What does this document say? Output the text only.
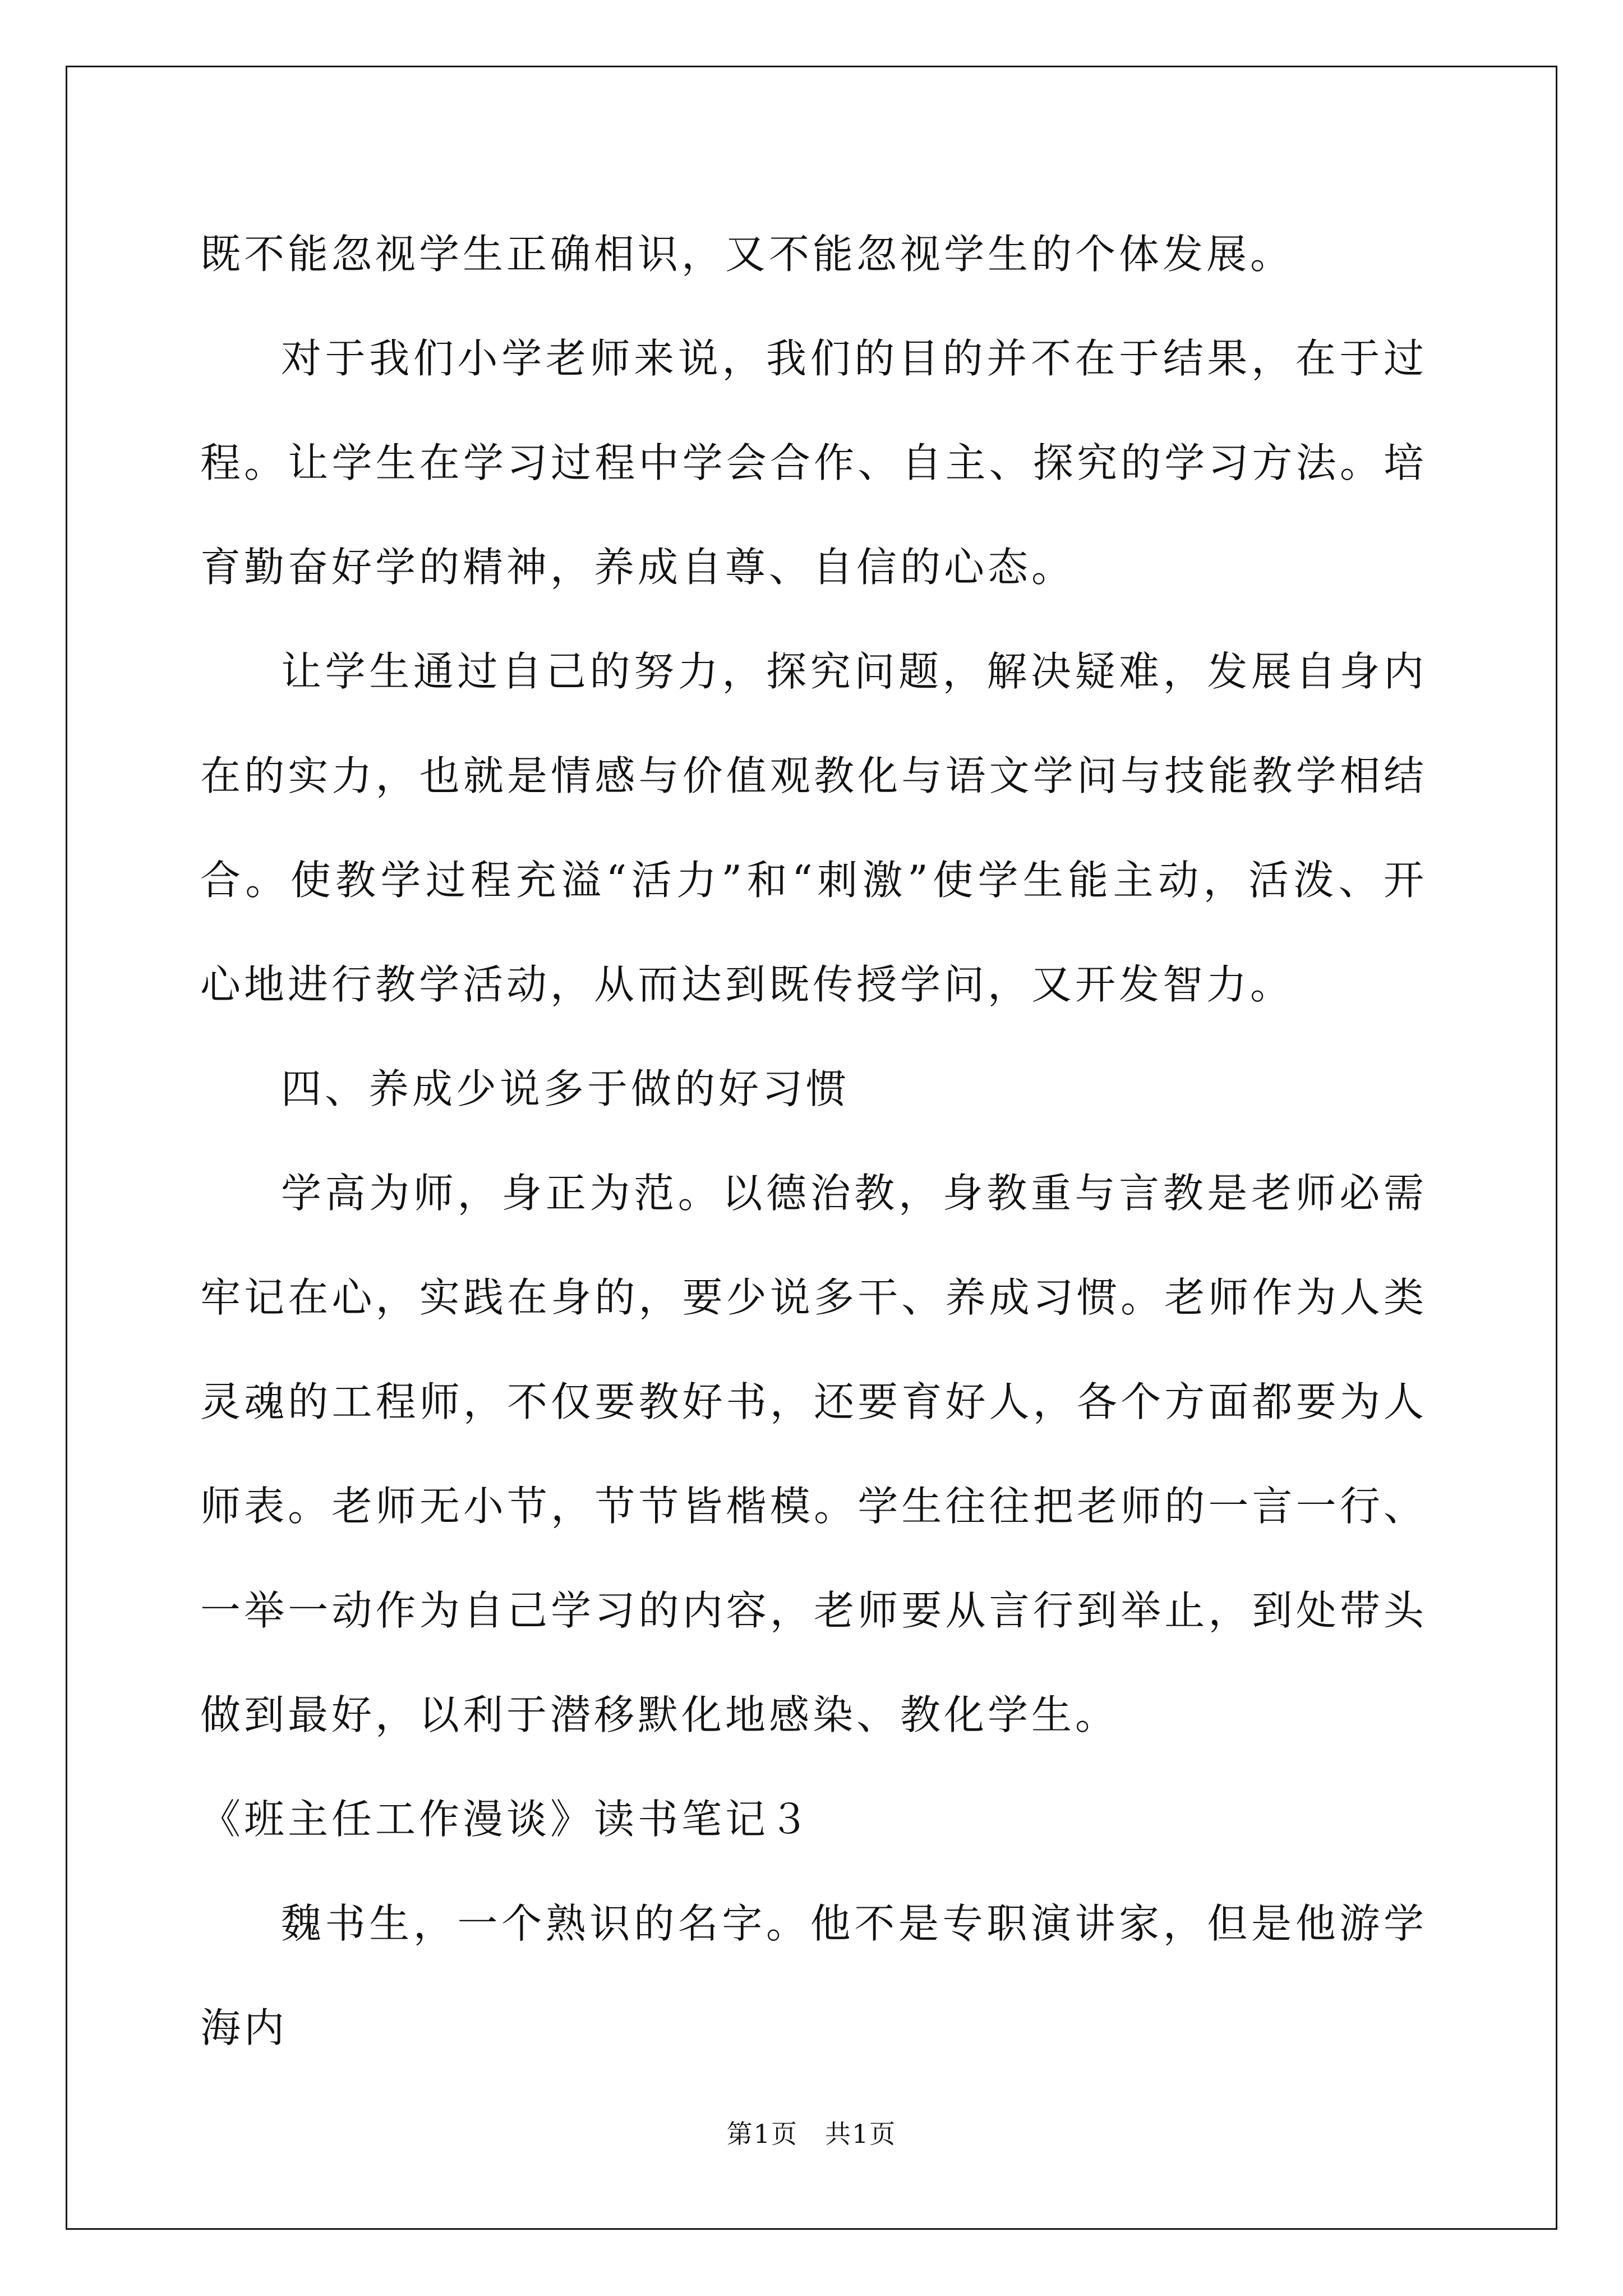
既不能忽视学生正确相识，又不能忽视学生的个体发展。

对于我们小学老师来说，我们的目的并不在于结果，在于过程。让学生在学习过程中学会合作、自主、探究的学习方法。培育勤奋好学的精神，养成自尊、自信的心态。

让学生通过自己的努力，探究问题，解决疑难，发展自身内在的实力，也就是情感与价值观教化与语文学问与技能教学相结合。使教学过程充溢“活力”和“刺激”使学生能主动，活泼、开心地进行教学活动，从而达到既传授学问，又开发智力。

四、养成少说多于做的好习惯

学高为师，身正为范。以德治教，身教重与言教是老师必需牢记在心，实践在身的，要少说多干、养成习惯。老师作为人类灵魂的工程师，不仅要教好书，还要育好人，各个方面都要为人师表。老师无小节，节节皆楷模。学生往往把老师的一言一行、一举一动作为自己学习的内容，老师要从言行到举止，到处带头做到最好，以利于潜移默化地感染、教化学生。

《班主任工作漫谈》读书笔记３

魏书生，一个熟识的名字。他不是专职演讲家，但是他游学海内

第1页　共1页
